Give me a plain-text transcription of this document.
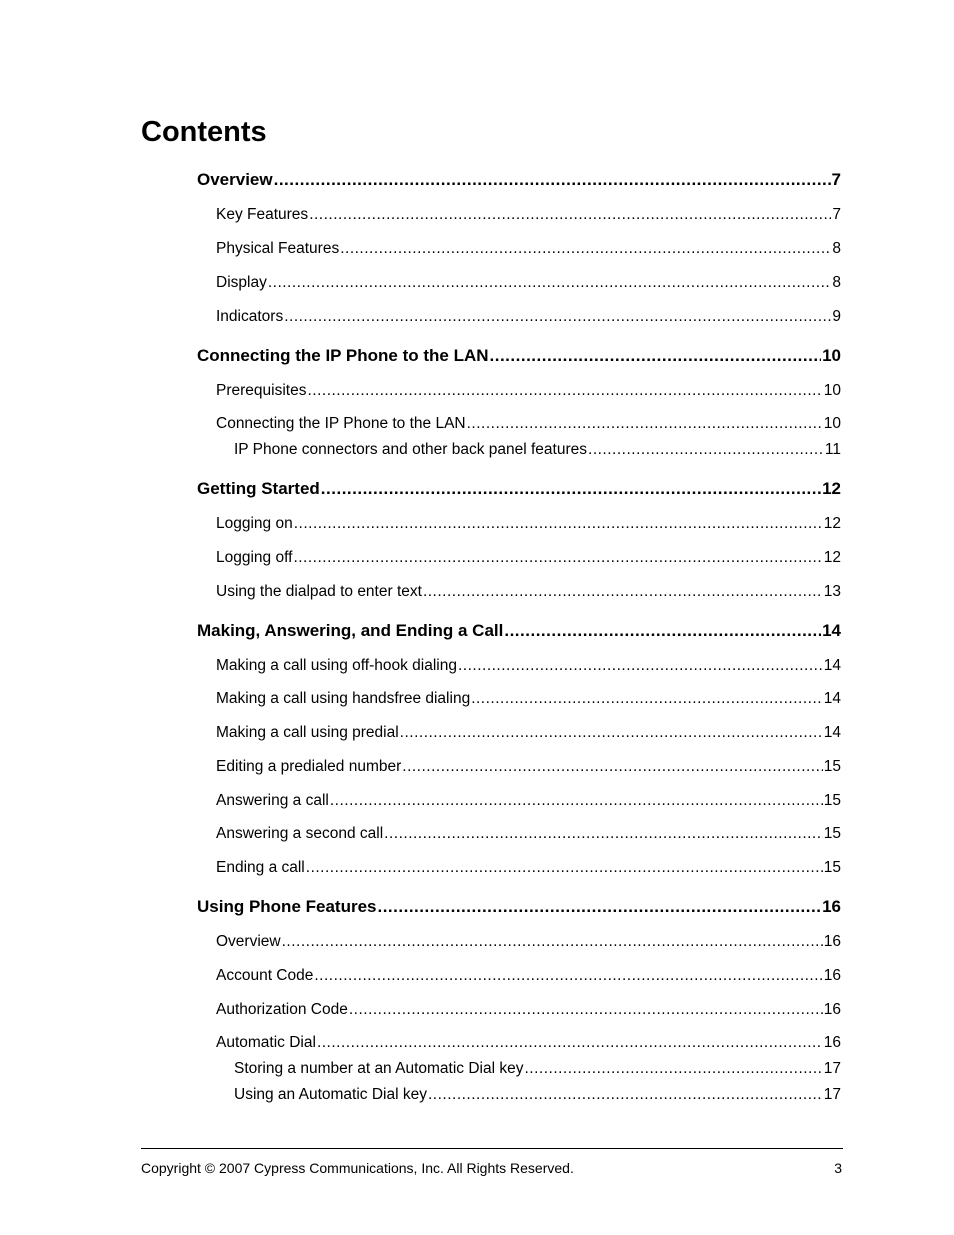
Contents
Overview .....	7
Key Features .....	7
Physical Features .....	8
Display .....	8
Indicators .....	9
Connecting the IP Phone to the LAN .....	10
Prerequisites .....	10
Connecting the IP Phone to the LAN .....	10
IP Phone connectors and other back panel features .....	11
Getting Started .....	12
Logging on .....	12
Logging off .....	12
Using the dialpad to enter text .....	13
Making, Answering, and Ending a Call .....	14
Making a call using off-hook dialing .....	14
Making a call using handsfree dialing .....	14
Making a call using predial .....	14
Editing a predialed number .....	15
Answering a call .....	15
Answering a second call .....	15
Ending a call .....	15
Using Phone Features .....	16
Overview .....	16
Account Code .....	16
Authorization Code .....	16
Automatic Dial .....	16
Storing a number at an Automatic Dial key .....	17
Using an Automatic Dial key .....	17
Copyright © 2007 Cypress Communications, Inc. All Rights Reserved.	3
